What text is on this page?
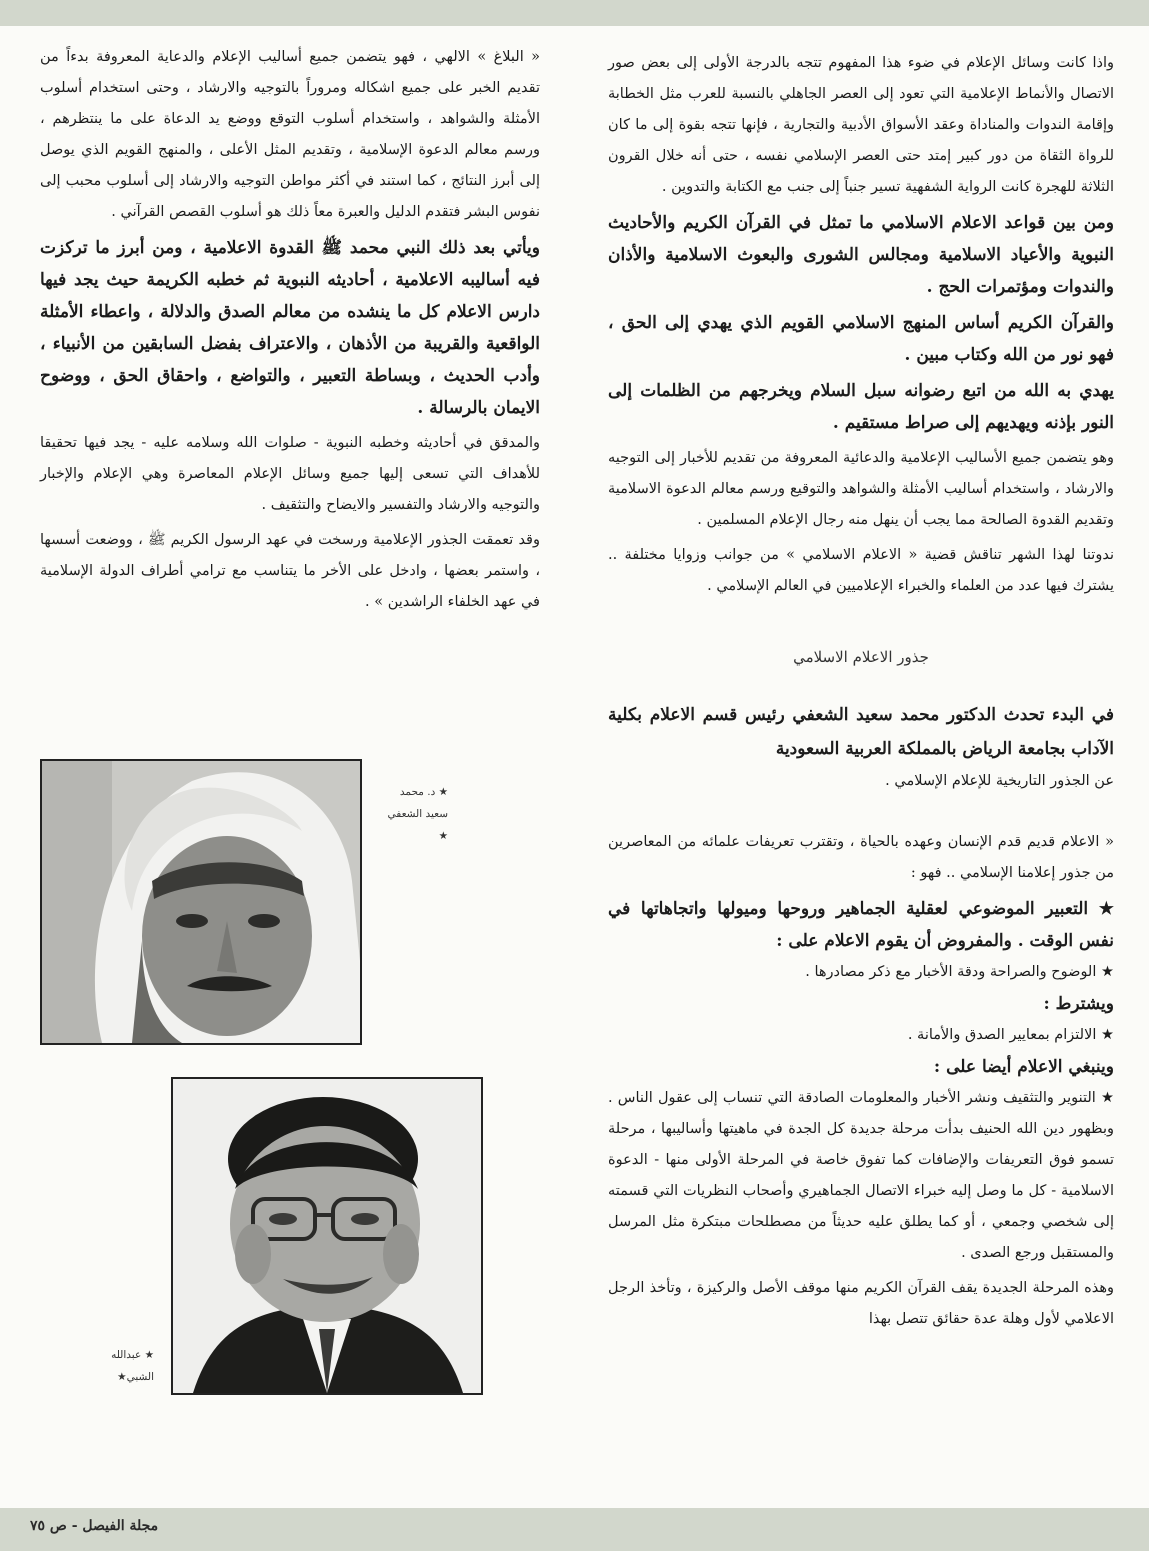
واذا كانت وسائل الإعلام في ضوء هذا المفهوم تتجه بالدرجة الأولى إلى بعض صور الاتصال والأنماط الإعلامية التي تعود إلى العصر الجاهلي بالنسبة للعرب مثل الخطابة وإقامة الندوات والمناداة وعقد الأسواق الأدبية والتجارية ، فإنها تتجه بقوة إلى ما كان للرواة الثقاة من دور كبير إمتد حتى العصر الإسلامي نفسه ، حتى أنه خلال القرون الثلاثة للهجرة كانت الرواية الشفهية تسير جنباً إلى جنب مع الكتابة والتدوين .

ومن بين قواعد الاعلام الاسلامي ما تمثل في القرآن الكريم والأحاديث النبوية والأعياد الاسلامية ومجالس الشورى والبعوث الاسلامية والأذان والندوات ومؤتمرات الحج .

والقرآن الكريم أساس المنهج الاسلامي القويم الذي يهدي إلى الحق ، فهو نور من الله وكتاب مبين .

يهدي به الله من اتبع رضوانه سبل السلام ويخرجهم من الظلمات إلى النور بإذنه ويهديهم إلى صراط مستقيم .

وهو يتضمن جميع الأساليب الإعلامية والدعائية المعروفة من تقديم للأخبار إلى التوجيه والارشاد ، واستخدام أساليب الأمثلة والشواهد والتوقيع ورسم معالم الدعوة الاسلامية وتقديم القدوة الصالحة مما يجب أن ينهل منه رجال الإعلام المسلمين .

ندوتنا لهذا الشهر تناقش قضية « الاعلام الاسلامي » من جوانب وزوايا مختلفة .. يشترك فيها عدد من العلماء والخبراء الإعلاميين في العالم الإسلامي .

جذور الاعلام الاسلامي

في البدء تحدث الدكتور محمد سعيد الشعفي رئيس قسم الاعلام بكلية الآداب بجامعة الرياض بالمملكة العربية السعودية

عن الجذور التاريخية للإعلام الإسلامي .

« الاعلام قديم قدم الإنسان وعهده بالحياة ، وتقترب تعريفات علمائه من المعاصرين من جذور إعلامنا الإسلامي .. فهو :

★ التعبير الموضوعي لعقلية الجماهير وروحها وميولها واتجاهاتها في نفس الوقت . والمفروض أن يقوم الاعلام على :

★ الوضوح والصراحة ودقة الأخبار مع ذكر مصادرها .

ويشترط :

★ الالتزام بمعايير الصدق والأمانة .

وينبغي الاعلام أيضا على :

★ التنوير والتثقيف ونشر الأخبار والمعلومات الصادقة التي تنساب إلى عقول الناس . وبظهور دين الله الحنيف بدأت مرحلة جديدة كل الجدة في ماهيتها وأساليبها ، مرحلة تسمو فوق التعريفات والإضافات كما تفوق خاصة في المرحلة الأولى منها - الدعوة الاسلامية - كل ما وصل إليه خبراء الاتصال الجماهيري وأصحاب النظريات التي قسمته إلى شخصي وجمعي ، أو كما يطلق عليه حديثاً من مصطلحات مبتكرة مثل المرسل والمستقبل ورجع الصدى .

وهذه المرحلة الجديدة يقف القرآن الكريم منها موقف الأصل والركيزة ، وتأخذ الرجل الاعلامي لأول وهلة عدة حقائق تتصل بهذا

« البلاغ » الالهي ، فهو يتضمن جميع أساليب الإعلام والدعاية المعروفة بدءاً من تقديم الخبر على جميع اشكاله ومروراً بالتوجيه والارشاد ، وحتى استخدام أسلوب الأمثلة والشواهد ، واستخدام أسلوب التوقع ووضع يد الدعاة على ما ينتظرهم ، ورسم معالم الدعوة الإسلامية ، وتقديم المثل الأعلى ، والمنهج القويم الذي يوصل إلى أبرز النتائج ، كما استند في أكثر مواطن التوجيه والارشاد إلى أسلوب محبب إلى نفوس البشر فتقدم الدليل والعبرة معاً ذلك هو أسلوب القصص القرآني .

ويأتي بعد ذلك النبي محمد ﷺ القدوة الاعلامية ، ومن أبرز ما تركزت فيه أساليبه الاعلامية ، أحاديثه النبوية ثم خطبه الكريمة حيث يجد فيها دارس الاعلام كل ما ينشده من معالم الصدق والدلالة ، واعطاء الأمثلة الواقعية والقريبة من الأذهان ، والاعتراف بفضل السابقين من الأنبياء ، وأدب الحديث ، وبساطة التعبير ، والتواضع ، واحقاق الحق ، ووضوح الايمان بالرسالة .

والمدقق في أحاديثه وخطبه النبوية - صلوات الله وسلامه عليه - يجد فيها تحقيقا للأهداف التي تسعى إليها جميع وسائل الإعلام المعاصرة وهي الإعلام والإخبار والتوجيه والارشاد والتفسير والايضاح والتثقيف .

وقد تعمقت الجذور الإعلامية ورسخت في عهد الرسول الكريم ﷺ ، ووضعت أسسها ، واستمر بعضها ، وادخل على الأخر ما يتناسب مع ترامي أطراف الدولة الإسلامية في عهد الخلفاء الراشدين » .

★ د. محمد سعيد الشعفي ★
★ عبدالله الشبي★
مجلة الفيصل - ص ٧٥
